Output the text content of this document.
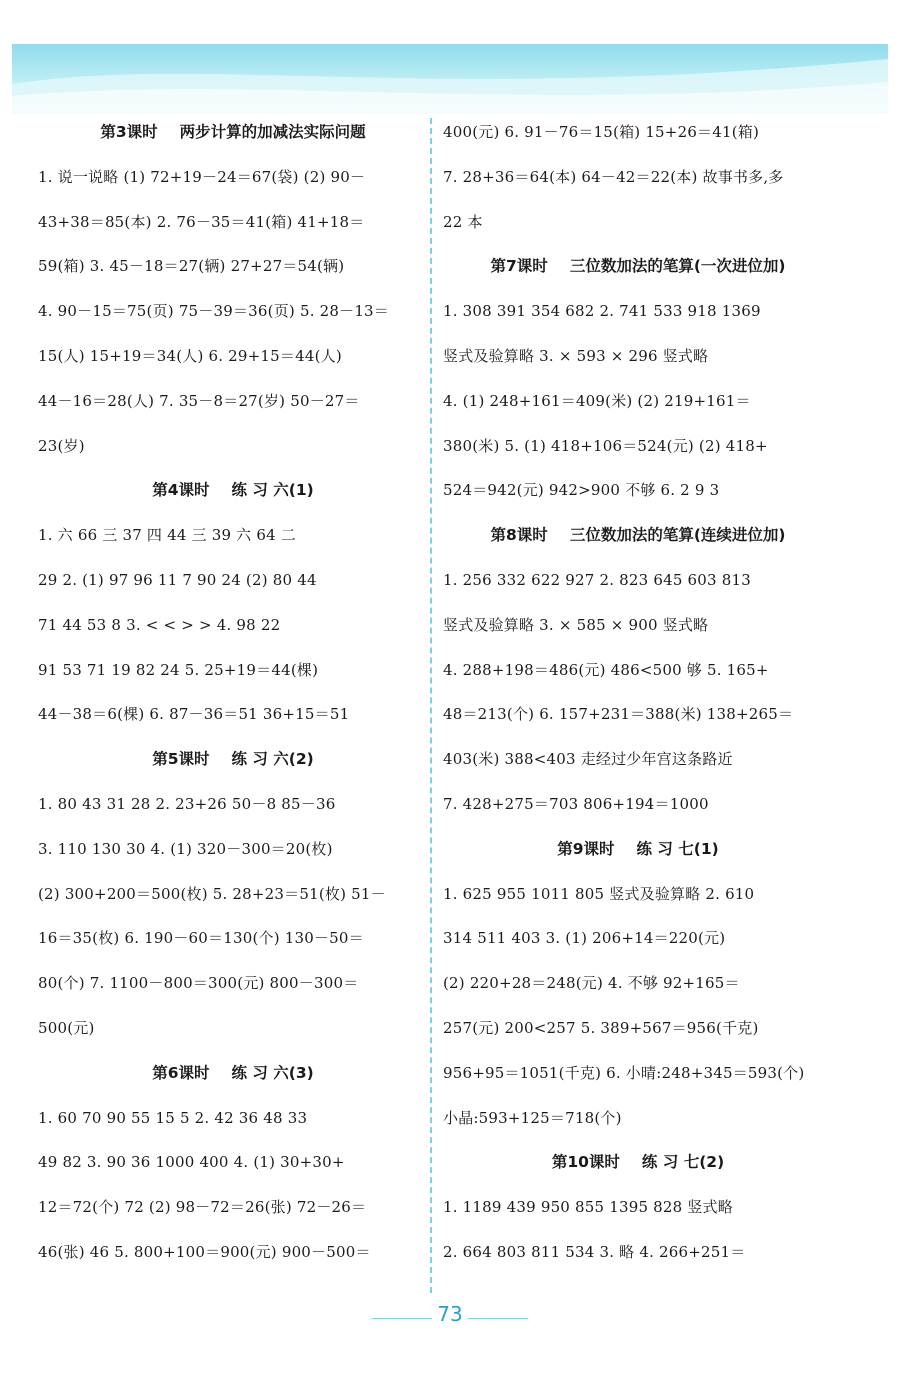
第3课时 两步计算的加减法实际问题
1. 说一说略 (1) 72+19－24＝67(袋) (2) 90－
43+38＝85(本) 2. 76－35＝41(箱) 41+18＝
59(箱) 3. 45－18＝27(辆) 27+27＝54(辆)
4. 90－15＝75(页) 75－39＝36(页) 5. 28－13＝
15(人) 15+19＝34(人) 6. 29+15＝44(人)
44－16＝28(人) 7. 35－8＝27(岁) 50－27＝
23(岁)
第4课时 练 习 六(1)
1. 六 66 三 37 四 44 三 39 六 64 二
29 2. (1) 97 96 11 7 90 24 (2) 80 44
71 44 53 8 3. < < > > 4. 98 22
91 53 71 19 82 24 5. 25+19＝44(棵)
44－38＝6(棵) 6. 87－36＝51 36+15＝51
第5课时 练 习 六(2)
1. 80 43 31 28 2. 23+26 50－8 85－36
3. 110 130 30 4. (1) 320－300＝20(枚)
(2) 300+200＝500(枚) 5. 28+23＝51(枚) 51－
16＝35(枚) 6. 190－60＝130(个) 130－50＝
80(个) 7. 1100－800＝300(元) 800－300＝
500(元)
第6课时 练 习 六(3)
1. 60 70 90 55 15 5 2. 42 36 48 33
49 82 3. 90 36 1000 400 4. (1) 30+30+
12＝72(个) 72 (2) 98－72＝26(张) 72－26＝
46(张) 46 5. 800+100＝900(元) 900－500＝
400(元) 6. 91－76＝15(箱) 15+26＝41(箱)
7. 28+36＝64(本) 64－42＝22(本) 故事书多,多
22 本
第7课时 三位数加法的笔算(一次进位加)
1. 308 391 354 682 2. 741 533 918 1369
竖式及验算略 3. × 593 × 296 竖式略
4. (1) 248+161＝409(米) (2) 219+161＝
380(米) 5. (1) 418+106＝524(元) (2) 418+
524＝942(元) 942>900 不够 6. 2 9 3
第8课时 三位数加法的笔算(连续进位加)
1. 256 332 622 927 2. 823 645 603 813
竖式及验算略 3. × 585 × 900 竖式略
4. 288+198＝486(元) 486<500 够 5. 165+
48＝213(个) 6. 157+231＝388(米) 138+265＝
403(米) 388<403 走经过少年宫这条路近
7. 428+275＝703 806+194＝1000
第9课时 练 习 七(1)
1. 625 955 1011 805 竖式及验算略 2. 610
314 511 403 3. (1) 206+14＝220(元)
(2) 220+28＝248(元) 4. 不够 92+165＝
257(元) 200<257 5. 389+567＝956(千克)
956+95＝1051(千克) 6. 小晴:248+345＝593(个)
小晶:593+125＝718(个)
第10课时 练 习 七(2)
1. 1189 439 950 855 1395 828 竖式略
2. 664 803 811 534 3. 略 4. 266+251＝
73
